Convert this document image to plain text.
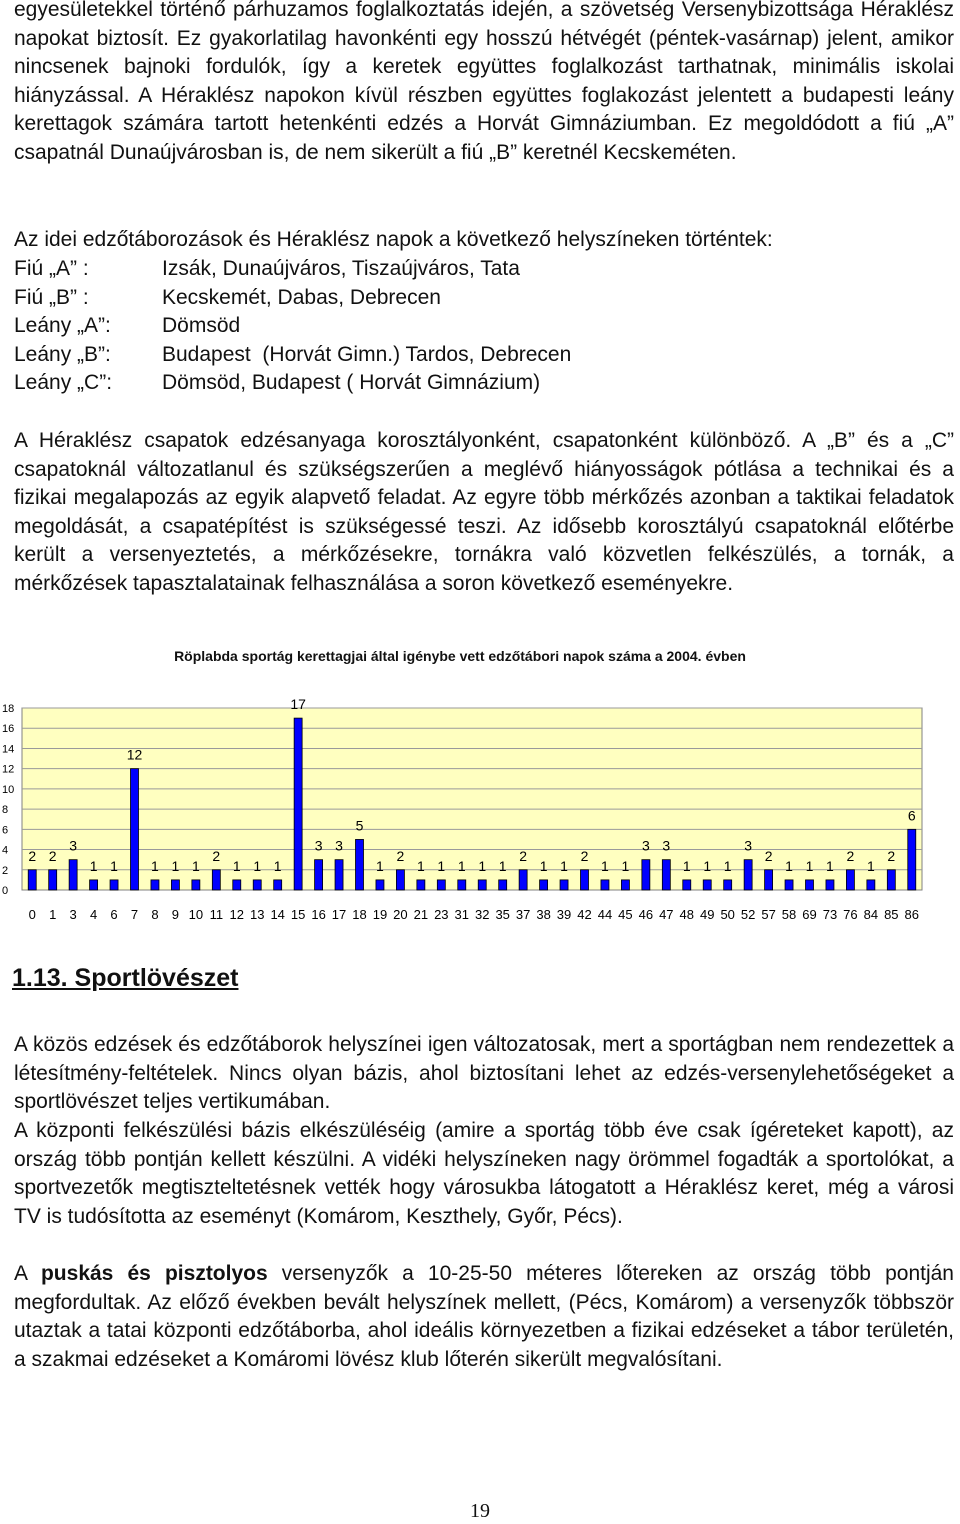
egyesületekkel történő párhuzamos foglalkoztatás idején, a szövetség Versenybizottsága Héraklész napokat biztosít. Ez gyakorlatilag havonkénti egy hosszú hétvégét (péntek-vasárnap) jelent, amikor nincsenek bajnoki fordulók, így a keretek együttes foglalkozást tarthatnak, minimális iskolai hiányzással. A Héraklész napokon kívül részben együttes foglakozást jelentett a budapesti leány kerettagok számára tartott hetenkénti edzés a Horvát Gimnáziumban. Ez megoldódott a fiú „A” csapatnál Dunaújvárosban is, de nem sikerült a fiú „B” keretnél Kecskeméten.

Az idei edzőtáborozások és Héraklész napok a következő helyszíneken történtek:

Fiú „A” :	Izsák, Dunaújváros, Tiszaújváros, Tata
Fiú „B” :	Kecskemét, Dabas, Debrecen
Leány „A”:	Dömsöd
Leány „B”:	Budapest  (Horvát Gimn.) Tardos, Debrecen
Leány „C”:	Dömsöd, Budapest ( Horvát Gimnázium)

A Héraklész csapatok edzésanyaga korosztályonként, csapatonként különböző. A „B” és a „C” csapatoknál változatlanul és szükségszerűen a meglévő hiányosságok pótlása a technikai és a fizikai megalapozás az egyik alapvető feladat. Az egyre több mérkőzés azonban a taktikai feladatok megoldását, a csapatépítést is szükségessé teszi. Az idősebb korosztályú csapatoknál előtérbe került a versenyeztetés, a mérkőzésekre, tornákra való közvetlen felkészülés, a tornák, a mérkőzések tapasztalatainak felhasználása a soron következő eseményekre.

Röplabda sportág kerettagjai által igénybe vett edzőtábori napok száma a 2004. évben
0
2
4
6
8
10
12
14
16
18
2 2
3
1 1
12
1 1 1
2
1 1 1
17
3 3
5
1
2
1 1 1 1 1
2
1 1
2
1 1
3 3
1 1 1
3
2
1 1 1
2
1
2
6
0 1 3 4 6 7 8 9 10 11 12 13 14 15 16 17 18 19 20 21 23 31 32 35 37 38 39 42 44 45 46 47 48 49 50 52 57 58 69 73 76 84 85 86
1.13. Sportlövészet

A közös edzések és edzőtáborok helyszínei igen változatosak, mert a sportágban nem rendezettek a létesítmény-feltételek. Nincs olyan bázis, ahol biztosítani lehet az edzés-versenylehetőségeket a sportlövészet teljes vertikumában.

A központi felkészülési bázis elkészüléséig (amire a sportág több éve csak ígéreteket kapott), az ország több pontján kellett készülni. A vidéki helyszíneken nagy örömmel fogadták a sportolókat, a sportvezetők megtiszteltetésnek vették hogy városukba látogatott a Héraklész keret, még a városi TV is tudósította az eseményt (Komárom, Keszthely, Győr, Pécs).

A puskás és pisztolyos versenyzők a 10-25-50 méteres lőtereken az ország több pontján megfordultak. Az előző években bevált helyszínek mellett, (Pécs, Komárom) a versenyzők többször utaztak a tatai központi edzőtáborba, ahol ideális környezetben a fizikai edzéseket a tábor területén, a szakmai edzéseket a Komáromi lövész klub lőterén sikerült megvalósítani.

19
